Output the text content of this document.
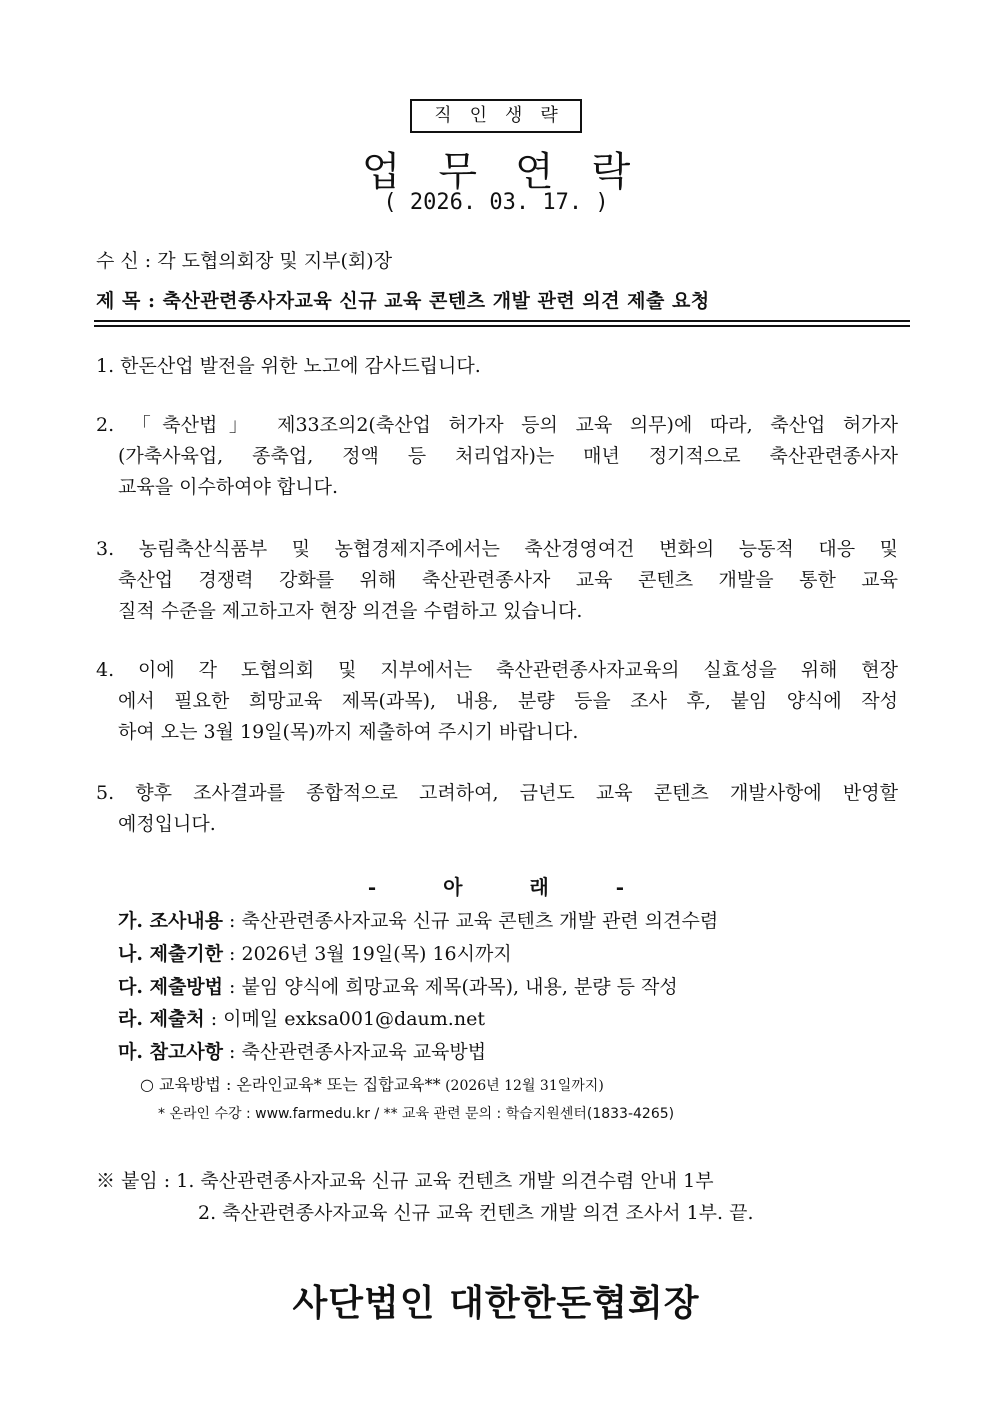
직인생략
업무연락
( 2026. 03. 17. )
수 신 : 각 도협의회장 및 지부(회)장
제 목 : 축산관련종사자교육 신규 교육 콘텐츠 개발 관련 의견 제출 요청
1. 한돈산업 발전을 위한 노고에 감사드립니다.
2. 「축산법」 제33조의2(축산업 허가자 등의 교육 의무)에 따라, 축산업 허가자
(가축사육업, 종축업, 정액 등 처리업자)는 매년 정기적으로 축산관련종사자
교육을 이수하여야 합니다.
3. 농림축산식품부 및 농협경제지주에서는 축산경영여건 변화의 능동적 대응 및
축산업 경쟁력 강화를 위해 축산관련종사자 교육 콘텐츠 개발을 통한 교육
질적 수준을 제고하고자 현장 의견을 수렴하고 있습니다.
4. 이에 각 도협의회 및 지부에서는 축산관련종사자교육의 실효성을 위해 현장
에서 필요한 희망교육 제목(과목), 내용, 분량 등을 조사 후, 붙임 양식에 작성
하여 오는 3월 19일(목)까지 제출하여 주시기 바랍니다.
5. 향후 조사결과를 종합적으로 고려하여, 금년도 교육 콘텐츠 개발사항에 반영할
예정입니다.
- 아 래 -
가. 조사내용 : 축산관련종사자교육 신규 교육 콘텐츠 개발 관련 의견수렴
나. 제출기한 : 2026년 3월 19일(목) 16시까지
다. 제출방법 : 붙임 양식에 희망교육 제목(과목), 내용, 분량 등 작성
라. 제출처 : 이메일 exksa001@daum.net
마. 참고사항 : 축산관련종사자교육 교육방법
○ 교육방법 : 온라인교육* 또는 집합교육** (2026년 12월 31일까지)
* 온라인 수강 : www.farmedu.kr / ** 교육 관련 문의 : 학습지원센터(1833-4265)
※ 붙임 : 1. 축산관련종사자교육 신규 교육 컨텐츠 개발 의견수렴 안내 1부
2. 축산관련종사자교육 신규 교육 컨텐츠 개발 의견 조사서 1부. 끝.
사단법인 대한한돈협회장
